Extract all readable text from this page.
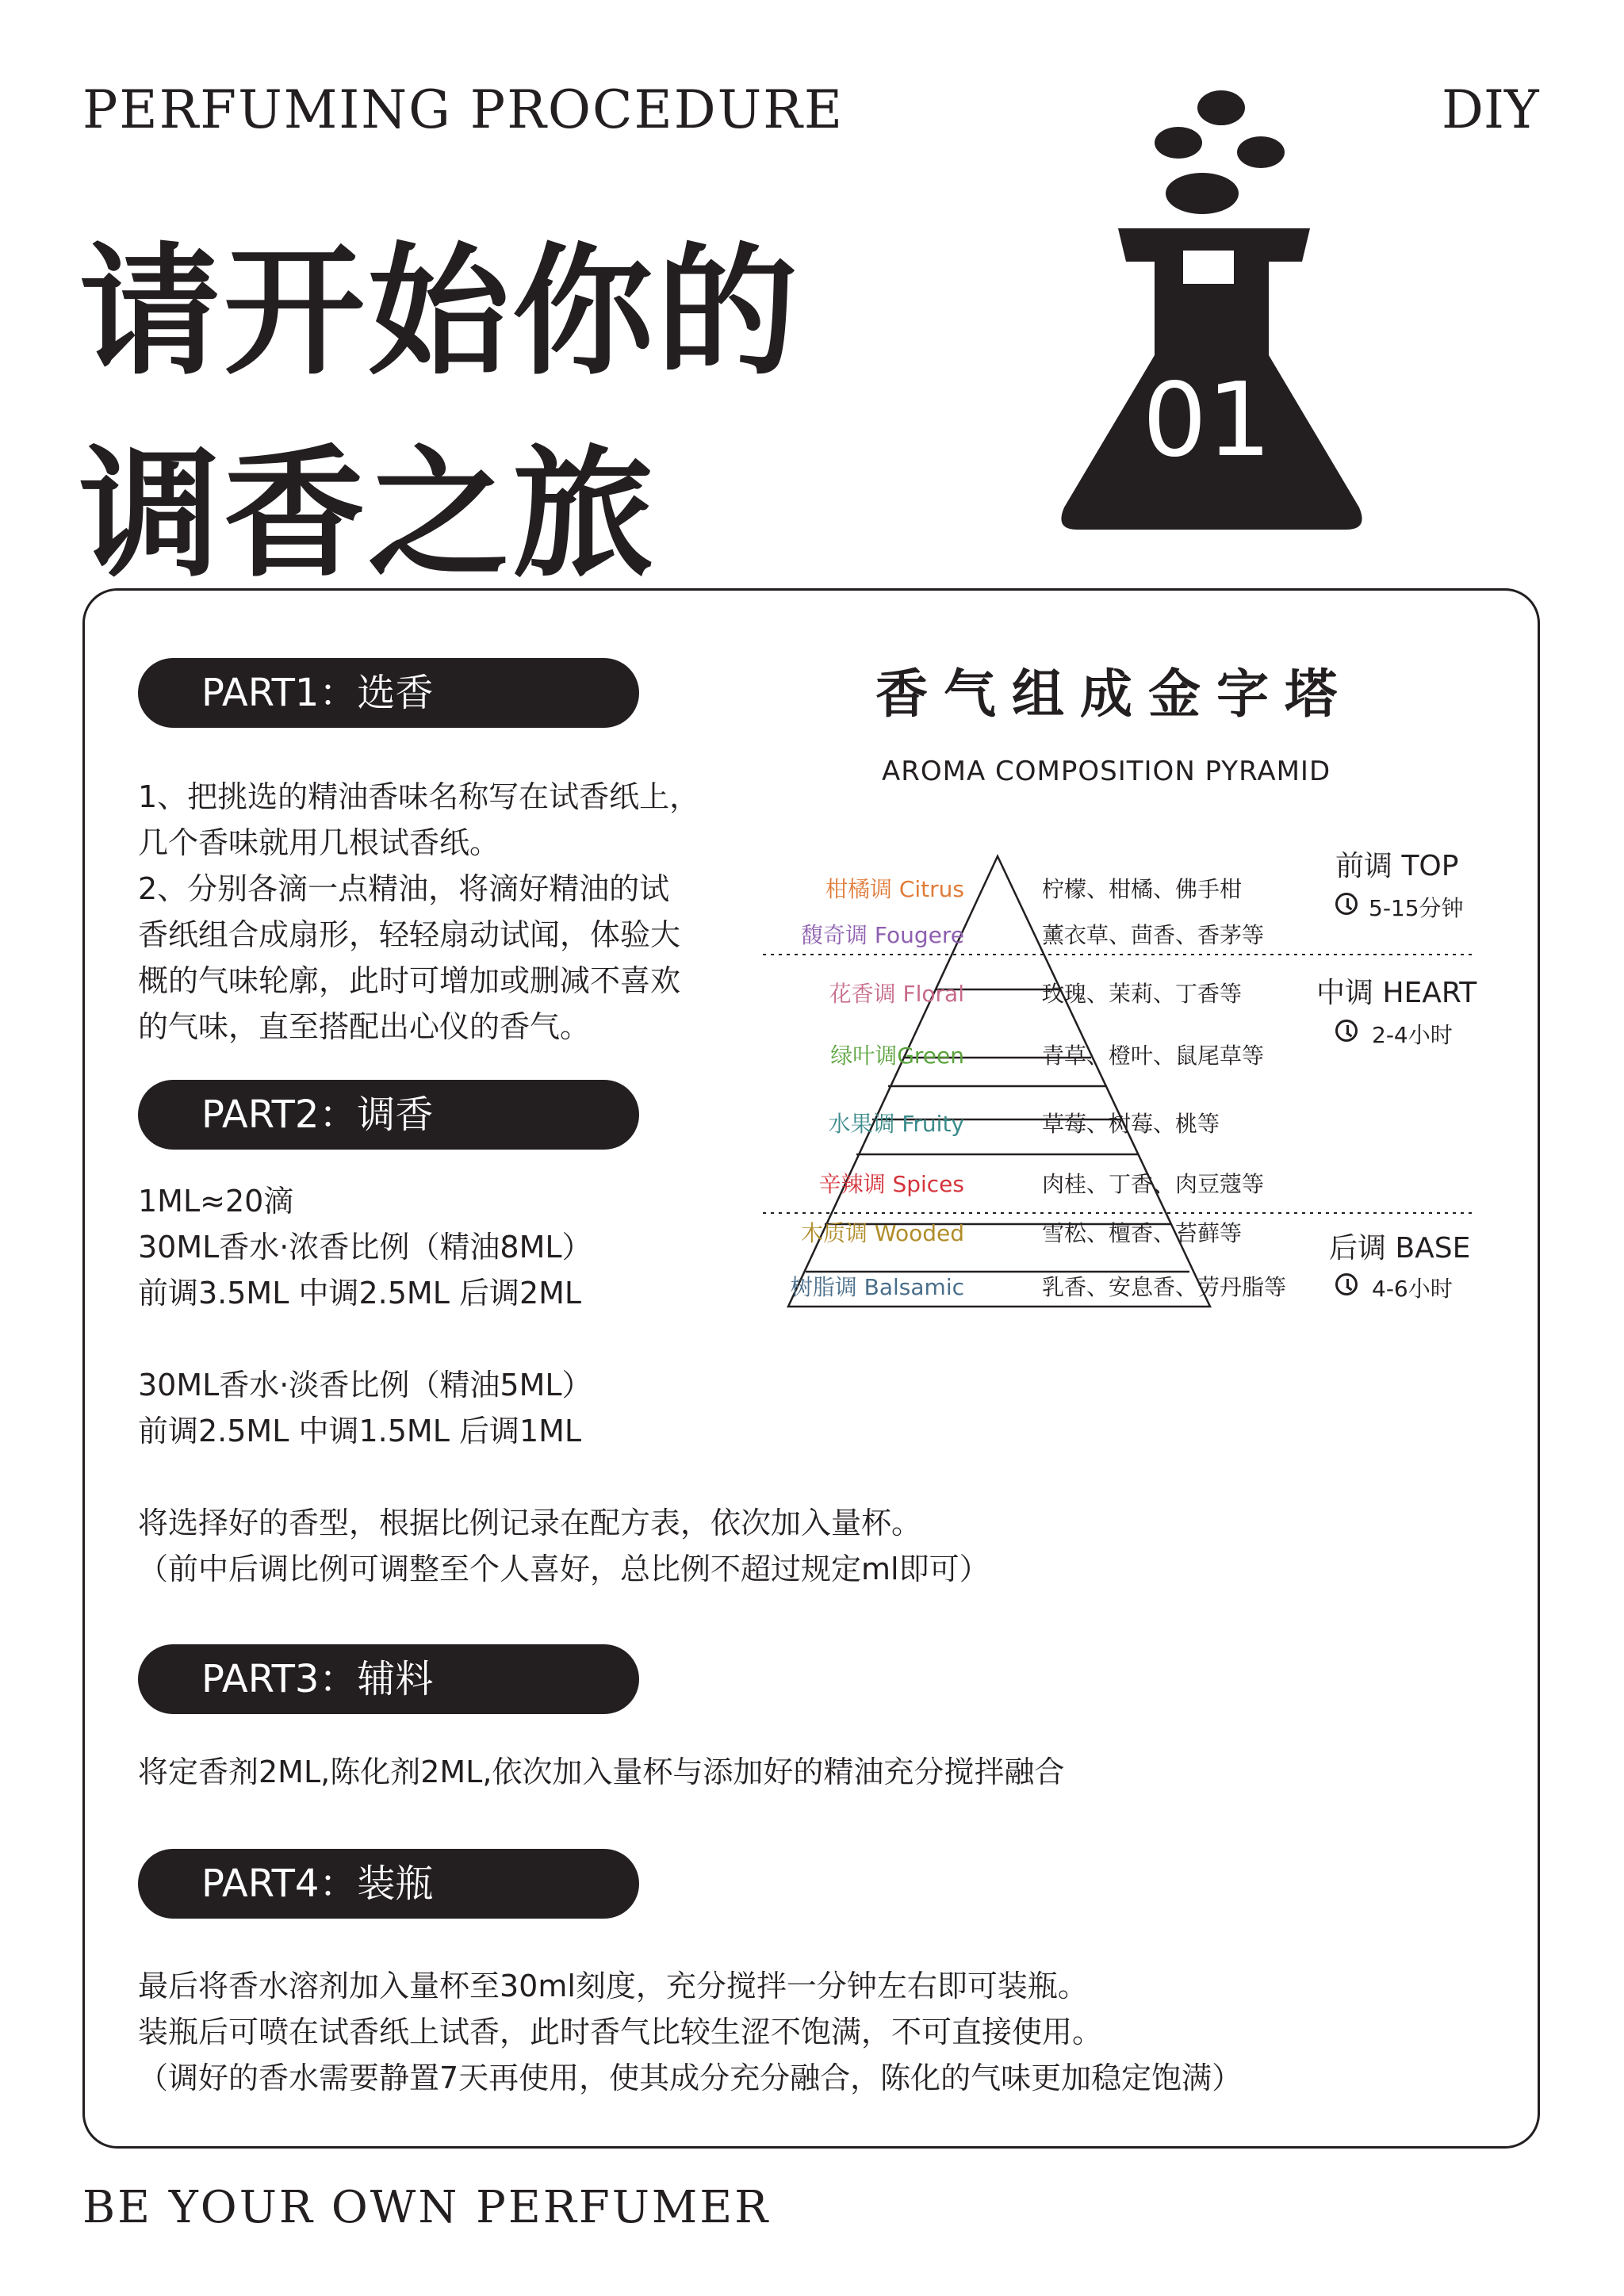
PERFUMING PROCEDURE	DIY
请开始你的
调香之旅
01
PART1：选香
1、把挑选的精油香味名称写在试香纸上，
几个香味就用几根试香纸。
2、分别各滴一点精油，将滴好精油的试
香纸组合成扇形，轻轻扇动试闻，体验大
概的气味轮廓，此时可增加或删减不喜欢
的气味，直至搭配出心仪的香气。
PART2：调香
1ML≈20滴
30ML香水·浓香比例（精油8ML）
前调3.5ML 中调2.5ML 后调2ML
30ML香水·淡香比例（精油5ML）
前调2.5ML 中调1.5ML 后调1ML
将选择好的香型，根据比例记录在配方表，依次加入量杯。
（前中后调比例可调整至个人喜好，总比例不超过规定ml即可）
PART3：辅料
将定香剂2ML,陈化剂2ML,依次加入量杯与添加好的精油充分搅拌融合
PART4：装瓶
最后将香水溶剂加入量杯至30ml刻度，充分搅拌一分钟左右即可装瓶。
装瓶后可喷在试香纸上试香，此时香气比较生涩不饱满，不可直接使用。
（调好的香水需要静置7天再使用，使其成分充分融合，陈化的气味更加稳定饱满）
香气组成金字塔
AROMA COMPOSITION PYRAMID
柑橘调 Citrus	柠檬、柑橘、佛手柑
馥奇调 Fougere	薰衣草、茴香、香茅等
花香调 Floral	玫瑰、茉莉、丁香等
绿叶调Green	青草、橙叶、鼠尾草等
水果调 Fruity	草莓、树莓、桃等
辛辣调 Spices	肉桂、丁香、肉豆蔻等
木质调 Wooded	雪松、檀香、苔藓等
树脂调 Balsamic	乳香、安息香、劳丹脂等
前调 TOP
5-15分钟
中调 HEART
2-4小时
后调 BASE
4-6小时
BE YOUR OWN PERFUMER
